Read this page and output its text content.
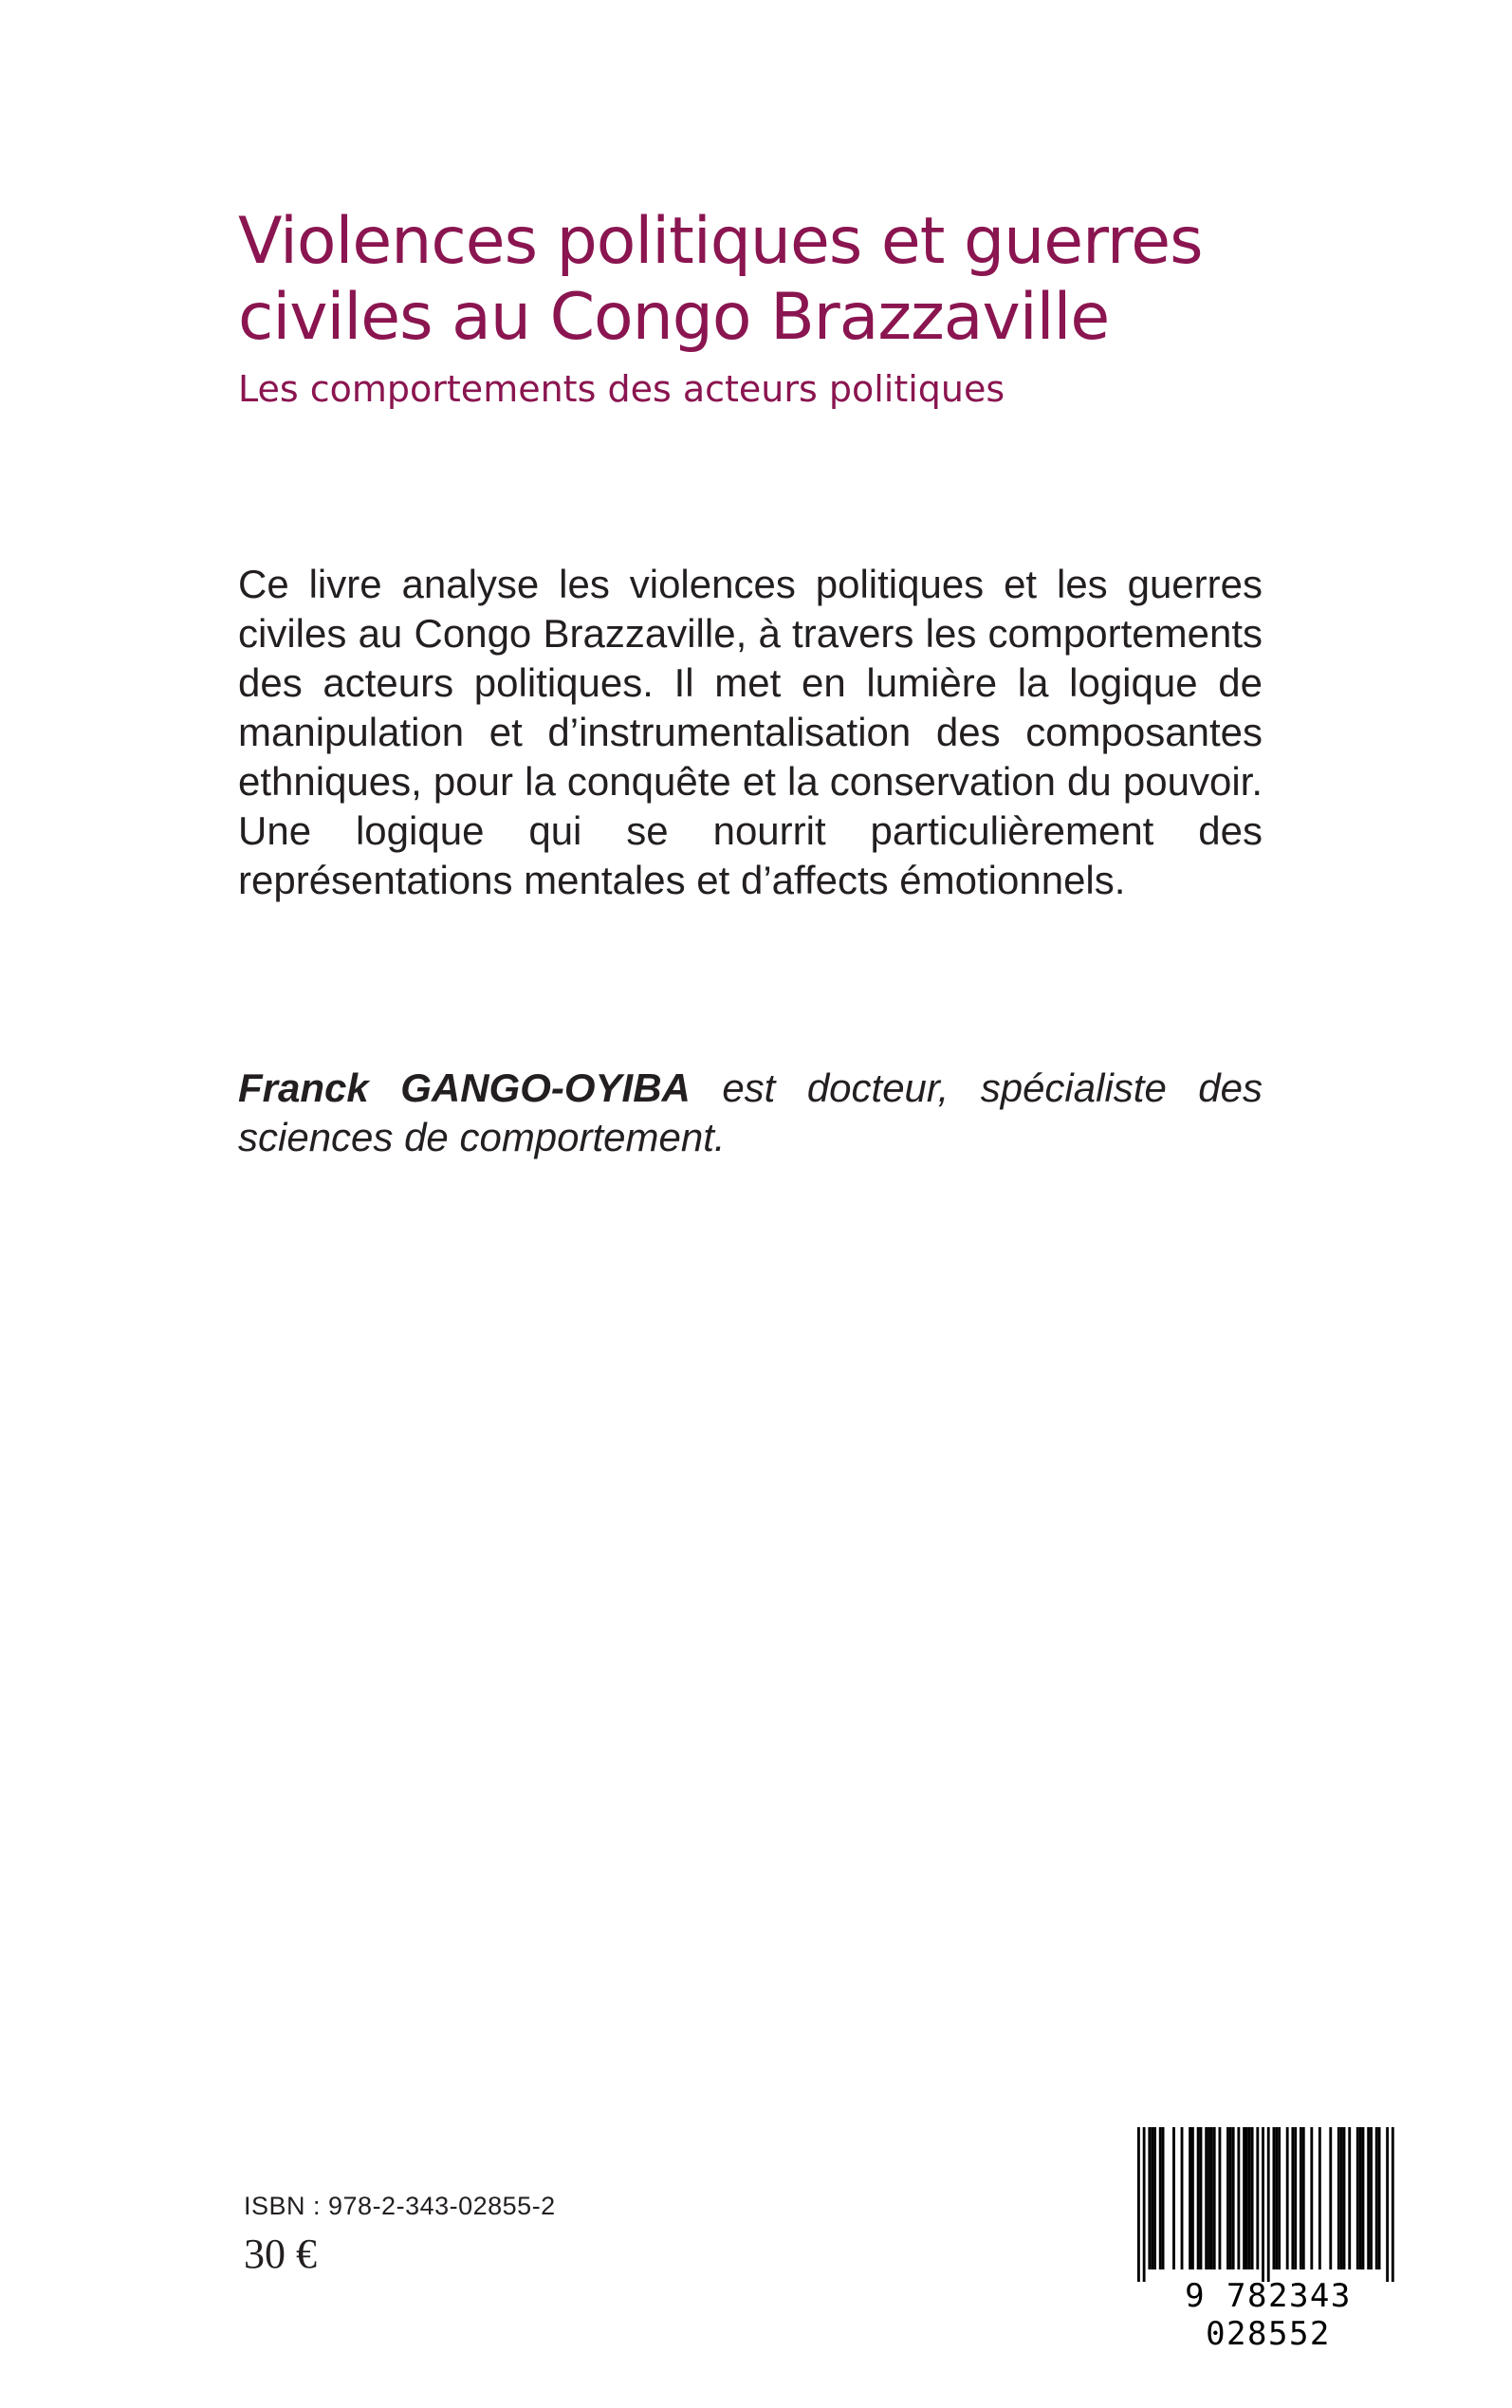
Violences politiques et guerres civiles au Congo Brazzaville
Les comportements des acteurs politiques

Ce livre analyse les violences politiques et les guerres civiles au Congo Brazzaville, à travers les comportements des acteurs politiques. Il met en lumière la logique de manipulation et d’instrumentalisation des composantes ethniques, pour la conquête et la conservation du pouvoir. Une logique qui se nourrit particulièrement des représentations mentales et d’affects émotionnels.

Franck GANGO-OYIBA est docteur, spécialiste des sciences de comportement.

ISBN : 978-2-343-02855-2
30 €
9 782343 028552
